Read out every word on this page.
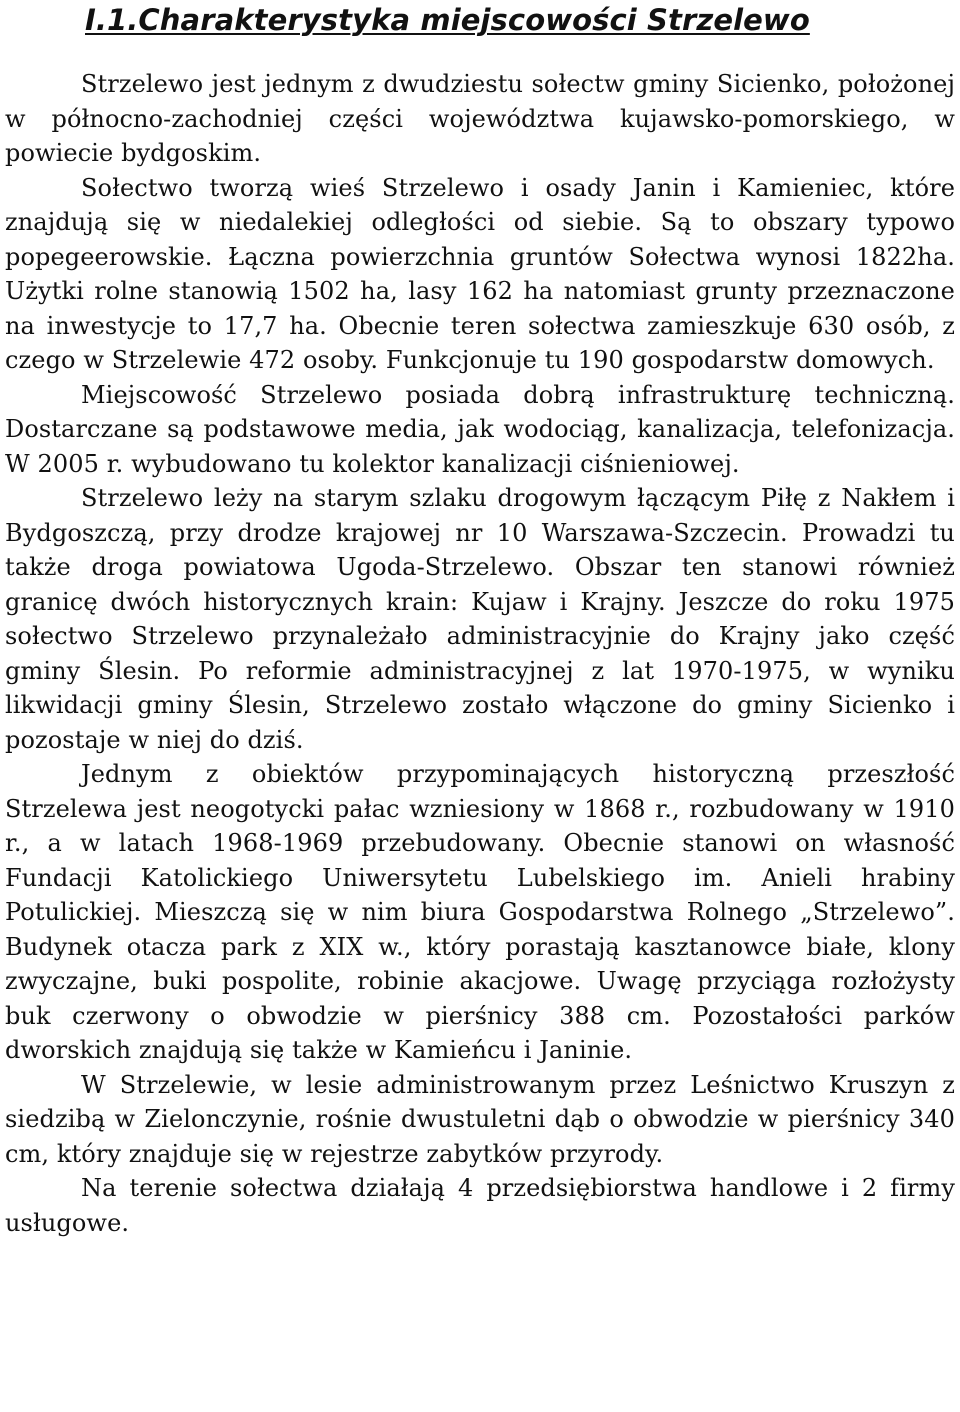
I.1.Charakterystyka miejscowości Strzelewo

Strzelewo jest jednym z dwudziestu sołectw gminy Sicienko, położonej w północno-zachodniej części województwa kujawsko-pomorskiego, w powiecie bydgoskim.

Sołectwo tworzą wieś Strzelewo i osady Janin i Kamieniec, które znajdują się w niedalekiej odległości od siebie. Są to obszary typowo popegeerowskie. Łączna powierzchnia gruntów Sołectwa wynosi 1822ha. Użytki rolne stanowią 1502 ha, lasy 162 ha natomiast grunty przeznaczone na inwestycje to 17,7 ha. Obecnie teren sołectwa zamieszkuje 630 osób, z czego w Strzelewie 472 osoby. Funkcjonuje tu 190 gospodarstw domowych.

Miejscowość Strzelewo posiada dobrą infrastrukturę techniczną. Dostarczane są podstawowe media, jak wodociąg, kanalizacja, telefonizacja. W 2005 r. wybudowano tu kolektor kanalizacji ciśnieniowej.

Strzelewo leży na starym szlaku drogowym łączącym Piłę z Nakłem i Bydgoszczą, przy drodze krajowej nr 10 Warszawa-Szczecin. Prowadzi tu także droga powiatowa Ugoda-Strzelewo. Obszar ten stanowi również granicę dwóch historycznych krain: Kujaw i Krajny. Jeszcze do roku 1975 sołectwo Strzelewo przynależało administracyjnie do Krajny jako część gminy Ślesin. Po reformie administracyjnej z lat 1970-1975, w wyniku likwidacji gminy Ślesin, Strzelewo zostało włączone do gminy Sicienko i pozostaje w niej do dziś.

Jednym z obiektów przypominających historyczną przeszłość Strzelewa jest neogotycki pałac wzniesiony w 1868 r., rozbudowany w 1910 r., a w latach 1968-1969 przebudowany. Obecnie stanowi on własność Fundacji Katolickiego Uniwersytetu Lubelskiego im. Anieli hrabiny Potulickiej. Mieszczą się w nim biura Gospodarstwa Rolnego „Strzelewo”. Budynek otacza park z XIX w., który porastają kasztanowce białe, klony zwyczajne, buki pospolite, robinie akacjowe. Uwagę przyciąga rozłożysty buk czerwony o obwodzie w pierśnicy 388 cm. Pozostałości parków dworskich znajdują się także w Kamieńcu i Janinie.

W Strzelewie, w lesie administrowanym przez Leśnictwo Kruszyn z siedzibą w Zielonczynie, rośnie dwustuletni dąb o obwodzie w pierśnicy 340 cm, który znajduje się w rejestrze zabytków przyrody.

Na terenie sołectwa działają 4 przedsiębiorstwa handlowe i 2 firmy usługowe.
